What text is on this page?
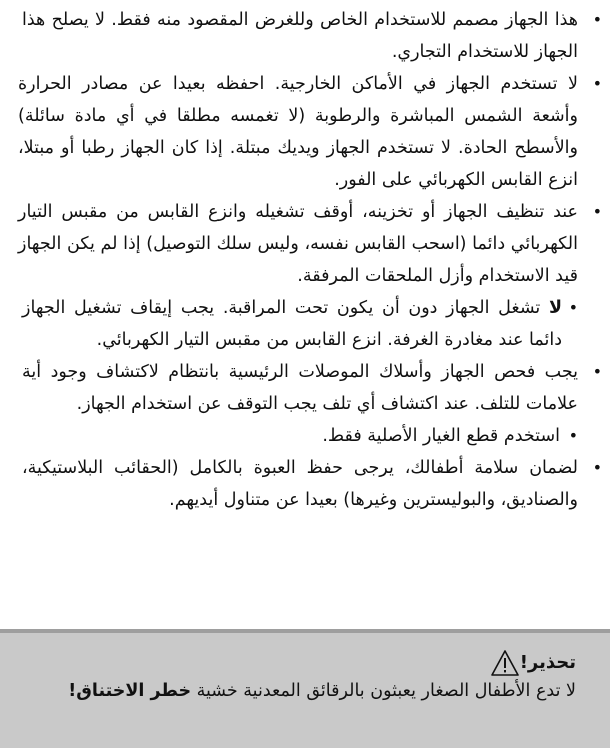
•
هذا الجهاز مصمم للاستخدام الخاص وللغرض المقصود منه فقط. لا يصلح هذا الجهاز للاستخدام التجاري.
•
لا تستخدم الجهاز في الأماكن الخارجية. احفظه بعيدا عن مصادر الحرارة وأشعة الشمس المباشرة والرطوبة (لا تغمسه مطلقا في أي مادة سائلة) والأسطح الحادة. لا تستخدم الجهاز ويديك مبتلة. إذا كان الجهاز رطبا أو مبتلا، انزع القابس الكهربائي على الفور.
•
عند تنظيف الجهاز أو تخزينه، أوقف تشغيله وانزع القابس من مقبس التيار الكهربائي دائما (اسحب القابس نفسه، وليس سلك التوصيل) إذا لم يكن الجهاز قيد الاستخدام وأزل الملحقات المرفقة.
•
لا تشغل الجهاز دون أن يكون تحت المراقبة. يجب إيقاف تشغيل الجهاز دائما عند مغادرة الغرفة. انزع القابس من مقبس التيار الكهربائي.
•
يجب فحص الجهاز وأسلاك الموصلات الرئيسية بانتظام لاكتشاف وجود أية علامات للتلف. عند اكتشاف أي تلف يجب التوقف عن استخدام الجهاز.
•
استخدم قطع الغيار الأصلية فقط.
•
لضمان سلامة أطفالك، يرجى حفظ العبوة بالكامل (الحقائب البلاستيكية، والصناديق، والبوليسترين وغيرها) بعيدا عن متناول أيديهم.
تحذير!
لا تدع الأطفال الصغار يعبثون بالرقائق المعدنية خشية خطر الاختناق!
